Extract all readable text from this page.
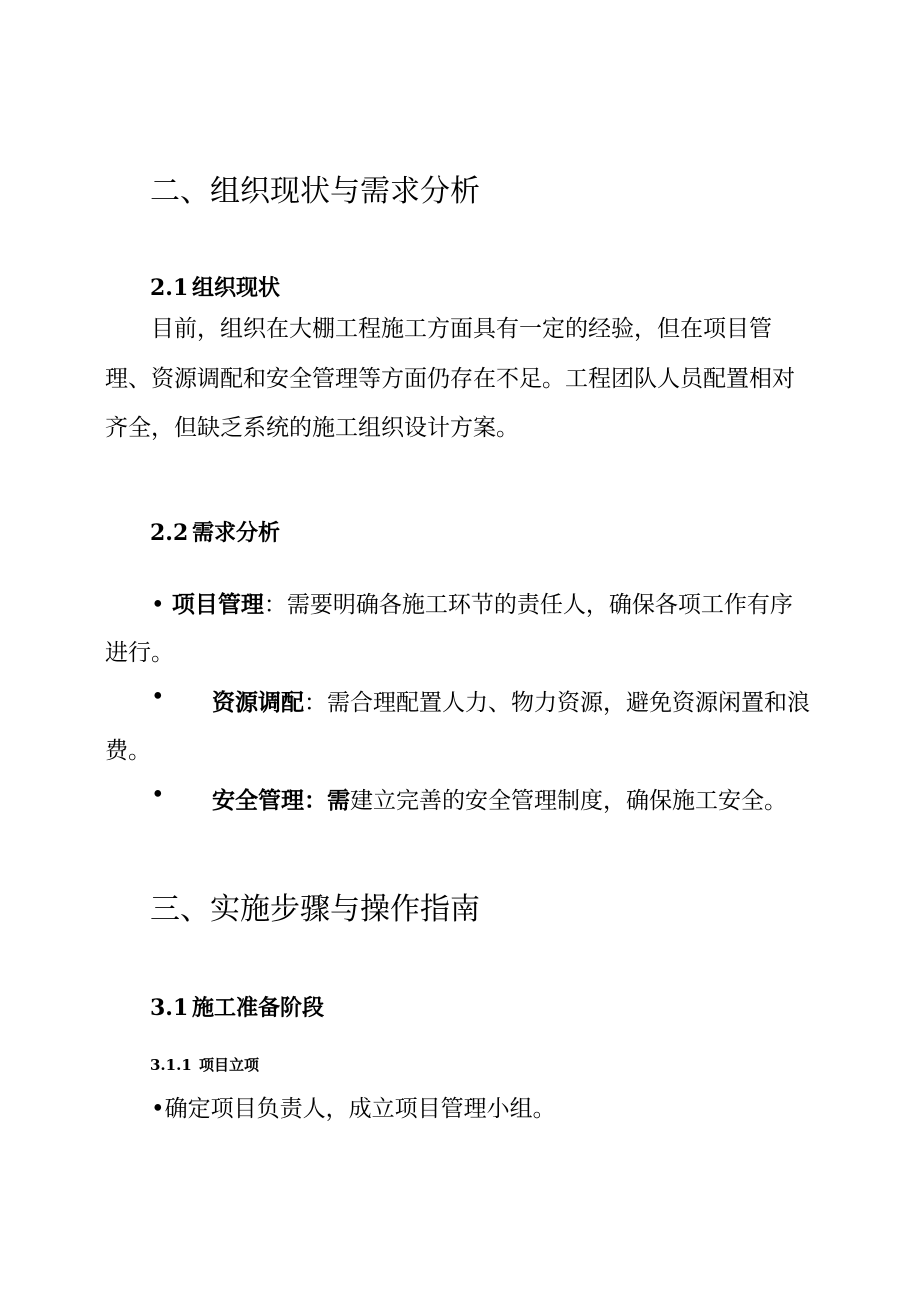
二、组织现状与需求分析
2.1 组织现状
目前，组织在大棚工程施工方面具有一定的经验，但在项目管
理、资源调配和安全管理等方面仍存在不足。工程团队人员配置相对
齐全，但缺乏系统的施工组织设计方案。
2.2 需求分析
• 项目管理：需要明确各施工环节的责任人，确保各项工作有序
进行。
• 资源调配：需合理配置人力、物力资源，避免资源闲置和浪
费。
• 安全管理：需建立完善的安全管理制度，确保施工安全。
三、实施步骤与操作指南
3.1 施工准备阶段
3.1.1 项目立项
•确定项目负责人，成立项目管理小组。
